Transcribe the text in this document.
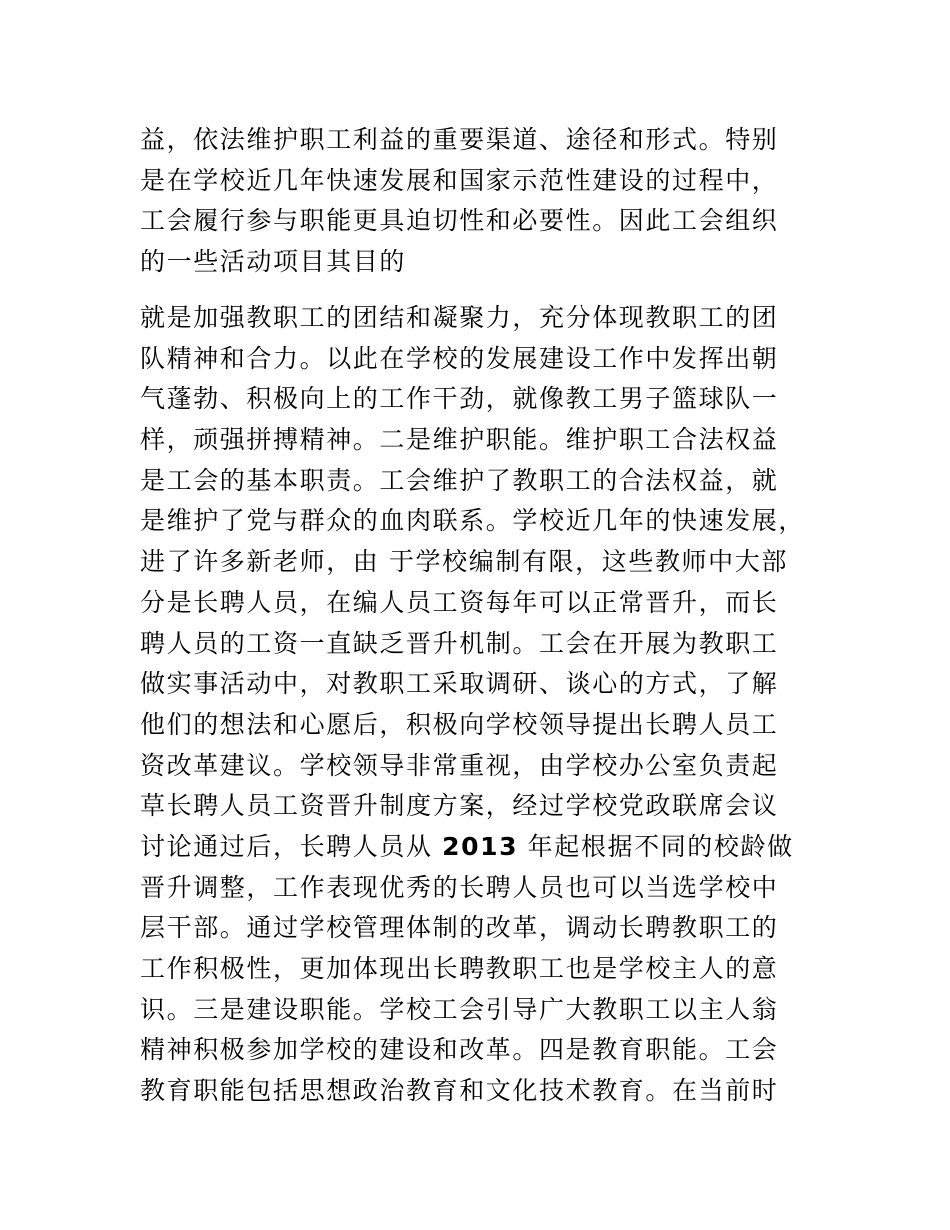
益，依法维护职工利益的重要渠道、途径和形式。特别
是在学校近几年快速发展和国家示范性建设的过程中，
工会履行参与职能更具迫切性和必要性。因此工会组织
的一些活动项目其目的
就是加强教职工的团结和凝聚力，充分体现教职工的团
队精神和合力。以此在学校的发展建设工作中发挥出朝
气蓬勃、积极向上的工作干劲，就像教工男子篮球队一
样，顽强拼搏精神。二是维护职能。维护职工合法权益
是工会的基本职责。工会维护了教职工的合法权益，就
是维护了党与群众的血肉联系。学校近几年的快速发展，
进了许多新老师，由 于学校编制有限，这些教师中大部
分是长聘人员，在编人员工资每年可以正常晋升，而长
聘人员的工资一直缺乏晋升机制。工会在开展为教职工
做实事活动中，对教职工采取调研、谈心的方式，了解
他们的想法和心愿后，积极向学校领导提出长聘人员工
资改革建议。学校领导非常重视，由学校办公室负责起
草长聘人员工资晋升制度方案，经过学校党政联席会议
讨论通过后，长聘人员从 2013 年起根据不同的校龄做
晋升调整，工作表现优秀的长聘人员也可以当选学校中
层干部。通过学校管理体制的改革，调动长聘教职工的
工作积极性，更加体现出长聘教职工也是学校主人的意
识。三是建设职能。学校工会引导广大教职工以主人翁
精神积极参加学校的建设和改革。四是教育职能。工会
教育职能包括思想政治教育和文化技术教育。在当前时
